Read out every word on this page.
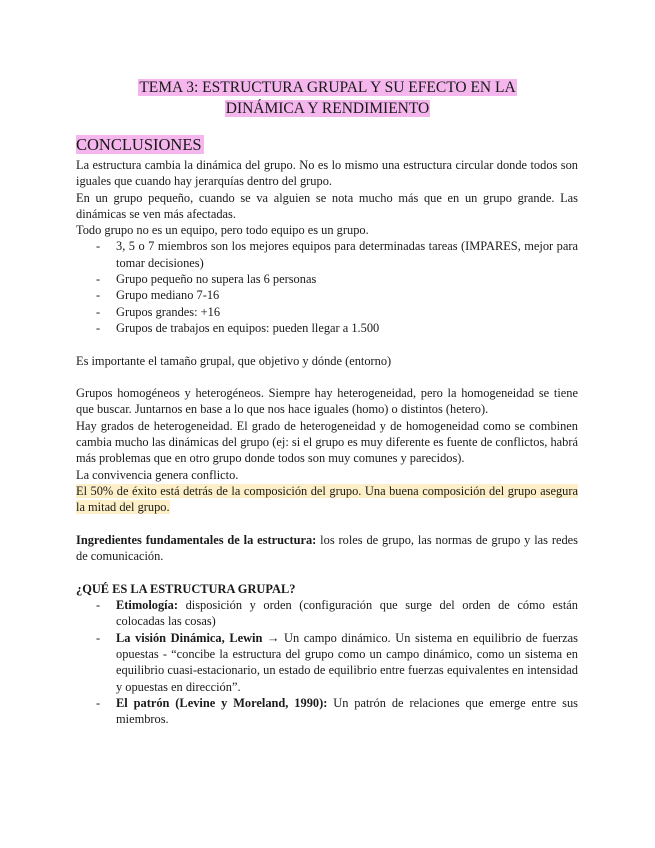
TEMA 3: ESTRUCTURA GRUPAL Y SU EFECTO EN LA
DINÁMICA Y RENDIMIENTO
CONCLUSIONES

La estructura cambia la dinámica del grupo. No es lo mismo una estructura circular donde todos son iguales que cuando hay jerarquías dentro del grupo.

En un grupo pequeño, cuando se va alguien se nota mucho más que en un grupo grande. Las dinámicas se ven más afectadas.

Todo grupo no es un equipo, pero todo equipo es un grupo.

- 3, 5 o 7 miembros son los mejores equipos para determinadas tareas (IMPARES, mejor para tomar decisiones)
- Grupo pequeño no supera las 6 personas
- Grupo mediano 7-16
- Grupos grandes: +16
- Grupos de trabajos en equipos: pueden llegar a 1.500

Es importante el tamaño grupal, que objetivo y dónde (entorno)

Grupos homogéneos y heterogéneos. Siempre hay heterogeneidad, pero la homogeneidad se tiene que buscar. Juntarnos en base a lo que nos hace iguales (homo) o distintos (hetero).

Hay grados de heterogeneidad. El grado de heterogeneidad y de homogeneidad como se combinen cambia mucho las dinámicas del grupo (ej: si el grupo es muy diferente es fuente de conflictos, habrá más problemas que en otro grupo donde todos son muy comunes y parecidos).

La convivencia genera conflicto.

El 50% de éxito está detrás de la composición del grupo. Una buena composición del grupo asegura la mitad del grupo.

Ingredientes fundamentales de la estructura: los roles de grupo, las normas de grupo y las redes de comunicación.

¿QUÉ ES LA ESTRUCTURA GRUPAL?

- Etimología: disposición y orden (configuración que surge del orden de cómo están colocadas las cosas)
- La visión Dinámica, Lewin → Un campo dinámico. Un sistema en equilibrio de fuerzas opuestas - “concibe la estructura del grupo como un campo dinámico, como un sistema en equilibrio cuasi-estacionario, un estado de equilibrio entre fuerzas equivalentes en intensidad y opuestas en dirección”.
- El patrón (Levine y Moreland, 1990): Un patrón de relaciones que emerge entre sus miembros.
